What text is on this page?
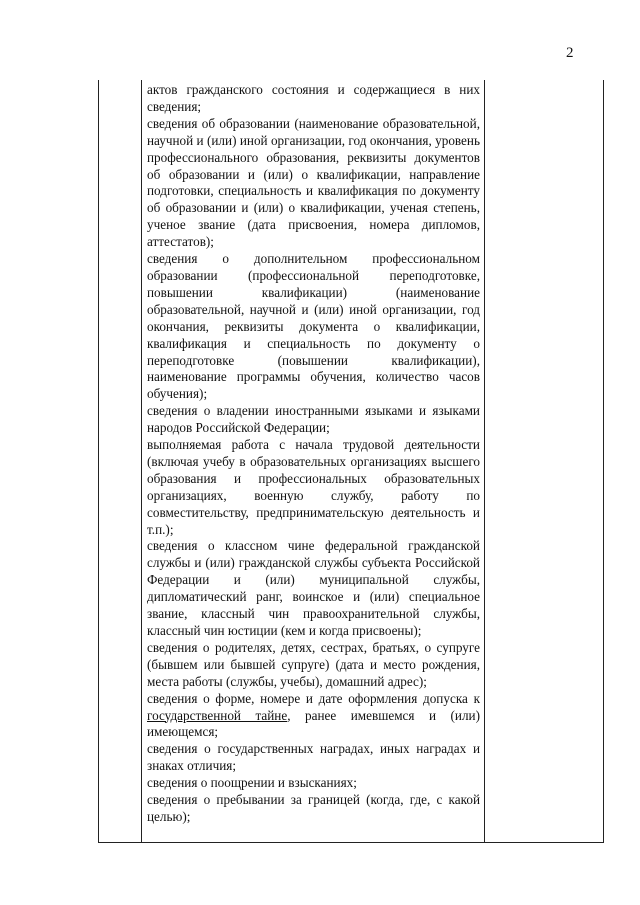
2

актов гражданского состояния и содержащиеся в них сведения;

сведения об образовании (наименование образовательной, научной и (или) иной организации, год окончания, уровень профессионального образования, реквизиты документов об образовании и (или) о квалификации, направление подготовки, специальность и квалификация по документу об образовании и (или) о квалификации, ученая степень, ученое звание (дата присвоения, номера дипломов, аттестатов);

сведения о дополнительном профессиональном образовании (профессиональной переподготовке, повышении квалификации) (наименование образовательной, научной и (или) иной организации, год окончания, реквизиты документа о квалификации, квалификация и специальность по документу о переподготовке (повышении квалификации), наименование программы обучения, количество часов обучения);

сведения о владении иностранными языками и языками народов Российской Федерации;

выполняемая работа с начала трудовой деятельности (включая учебу в образовательных организациях высшего образования и профессиональных образовательных организациях, военную службу, работу по совместительству, предпринимательскую деятельность и т.п.);

сведения о классном чине федеральной гражданской службы и (или) гражданской службы субъекта Российской Федерации и (или) муниципальной службы, дипломатический ранг, воинское и (или) специальное звание, классный чин правоохранительной службы, классный чин юстиции (кем и когда присвоены);

сведения о родителях, детях, сестрах, братьях, о супруге (бывшем или бывшей супруге) (дата и место рождения, места работы (службы, учебы), домашний адрес);

сведения о форме, номере и дате оформления допуска к государственной тайне, ранее имевшемся и (или) имеющемся;

сведения о государственных наградах, иных наградах и знаках отличия;

сведения о поощрении и взысканиях;

сведения о пребывании за границей (когда, где, с какой целью);
